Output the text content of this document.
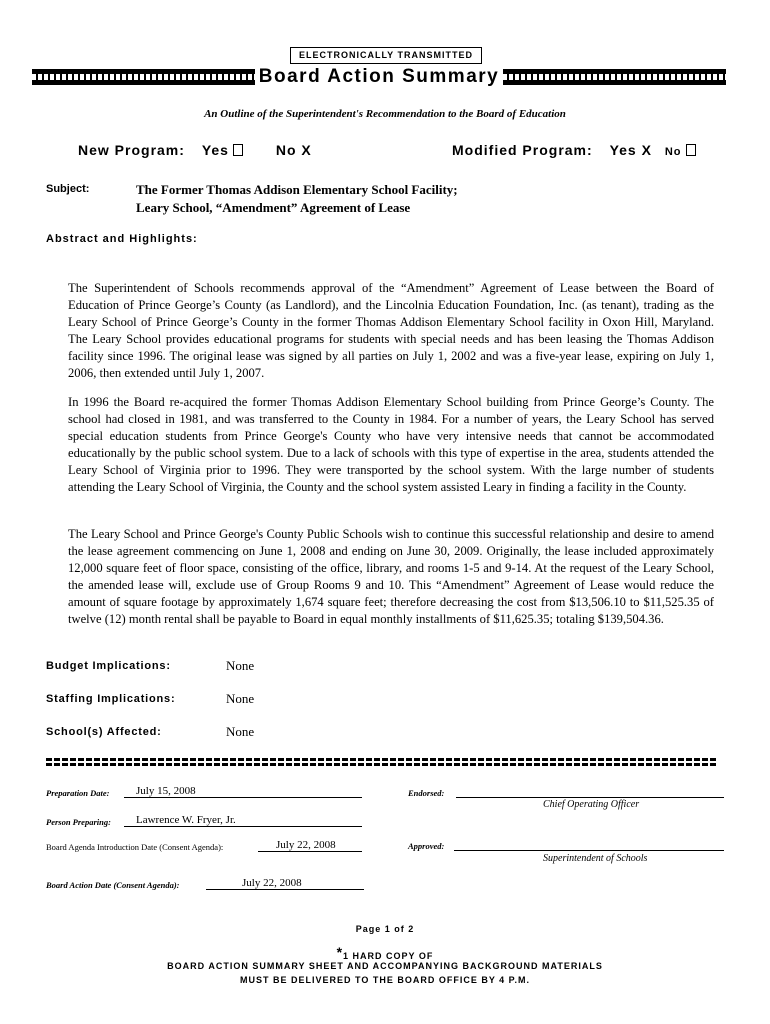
ELECTRONICALLY TRANSMITTED
Board Action Summary
An Outline of the Superintendent's Recommendation to the Board of Education
New Program: Yes	No X	Modified Program: Yes X No
Subject:	The Former Thomas Addison Elementary School Facility;
Leary School, “Amendment” Agreement of Lease
Abstract and Highlights:
The Superintendent of Schools recommends approval of the “Amendment” Agreement of Lease between the Board of Education of Prince George’s County (as Landlord), and the Lincolnia Education Foundation, Inc. (as tenant), trading as the Leary School of Prince George’s County in the former Thomas Addison Elementary School facility in Oxon Hill, Maryland. The Leary School provides educational programs for students with special needs and has been leasing the Thomas Addison facility since 1996. The original lease was signed by all parties on July 1, 2002 and was a five-year lease, expiring on July 1, 2006, then extended until July 1, 2007.
In 1996 the Board re-acquired the former Thomas Addison Elementary School building from Prince George’s County. The school had closed in 1981, and was transferred to the County in 1984. For a number of years, the Leary School has served special education students from Prince George's County who have very intensive needs that cannot be accommodated educationally by the public school system. Due to a lack of schools with this type of expertise in the area, students attended the Leary School of Virginia prior to 1996. They were transported by the school system. With the large number of students attending the Leary School of Virginia, the County and the school system assisted Leary in finding a facility in the County.
The Leary School and Prince George's County Public Schools wish to continue this successful relationship and desire to amend the lease agreement commencing on June 1, 2008 and ending on June 30, 2009. Originally, the lease included approximately 12,000 square feet of floor space, consisting of the office, library, and rooms 1-5 and 9-14. At the request of the Leary School, the amended lease will, exclude use of Group Rooms 9 and 10. This “Amendment” Agreement of Lease would reduce the amount of square footage by approximately 1,674 square feet; therefore decreasing the cost from $13,506.10 to $11,525.35 of twelve (12) month rental shall be payable to Board in equal monthly installments of $11,625.35; totaling $139,504.36.
Budget Implications:	None
Staffing Implications:	None
School(s) Affected:	None
Preparation Date:	July 15, 2008
Person Preparing:	Lawrence W. Fryer, Jr.
Board Agenda Introduction Date (Consent Agenda):	July 22, 2008
Board Action Date (Consent Agenda):	July 22, 2008
Endorsed:
Chief Operating Officer
Approved:
Superintendent of Schools
Page 1 of 2
*1 HARD COPY OF
BOARD ACTION SUMMARY SHEET AND ACCOMPANYING BACKGROUND MATERIALS
MUST BE DELIVERED TO THE BOARD OFFICE BY 4 P.M.
